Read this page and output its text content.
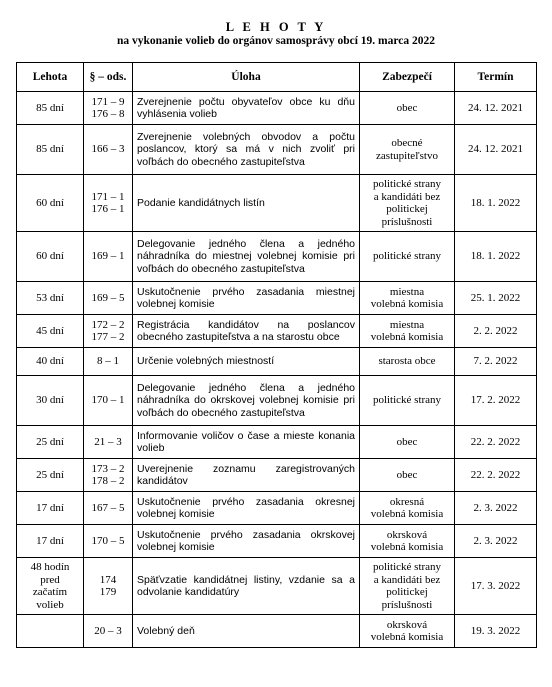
L E H O T Y
na vykonanie volieb do orgánov samosprávy obcí 19. marca 2022
Lehota	§ – ods.	Úloha	Zabezpečí	Termín

85 dní	171 – 9
176 – 8	Zverejnenie počtu obyvateľov obce ku dňu vyhlásenia volieb	obec	24. 12. 2021

85 dní	166 – 3	Zverejnenie volebných obvodov a počtu poslancov, ktorý sa má v nich zvoliť pri voľbách do obecného zastupiteľstva	obecné
zastupiteľstvo	24. 12. 2021

60 dní	171 – 1
176 – 1	Podanie kandidátnych listín	politické strany
a kandidáti bez
politickej
príslušnosti	18. 1. 2022

60 dní	169 – 1	Delegovanie jedného člena a jedného náhradníka do miestnej volebnej komisie pri voľbách do obecného zastupiteľstva	politické strany	18. 1. 2022

53 dní	169 – 5	Uskutočnenie prvého zasadania miestnej volebnej komisie	miestna
volebná komisia	25. 1. 2022

45 dní	172 – 2
177 – 2	Registrácia kandidátov na poslancov obecného zastupiteľstva a na starostu obce	miestna
volebná komisia	2. 2. 2022

40 dní	8 – 1	Určenie volebných miestností	starosta obce	7. 2. 2022

30 dní	170 – 1	Delegovanie jedného člena a jedného náhradníka do okrskovej volebnej komisie pri voľbách do obecného zastupiteľstva	politické strany	17. 2. 2022

25 dní	21 – 3	Informovanie voličov o čase a mieste konania volieb	obec	22. 2. 2022

25 dní	173 – 2
178 – 2	Uverejnenie zoznamu zaregistrovaných kandidátov	obec	22. 2. 2022

17 dní	167 – 5	Uskutočnenie prvého zasadania okresnej volebnej komisie	okresná
volebná komisia	2. 3. 2022

17 dní	170 – 5	Uskutočnenie prvého zasadania okrskovej volebnej komisie	okrsková
volebná komisia	2. 3. 2022

48 hodín
pred
začatím
volieb	174
179	Späťvzatie kandidátnej listiny, vzdanie sa a odvolanie kandidatúry	politické strany
a kandidáti bez
politickej
príslušnosti	17. 3. 2022

	20 – 3	Volebný deň	okrsková
volebná komisia	19. 3. 2022
